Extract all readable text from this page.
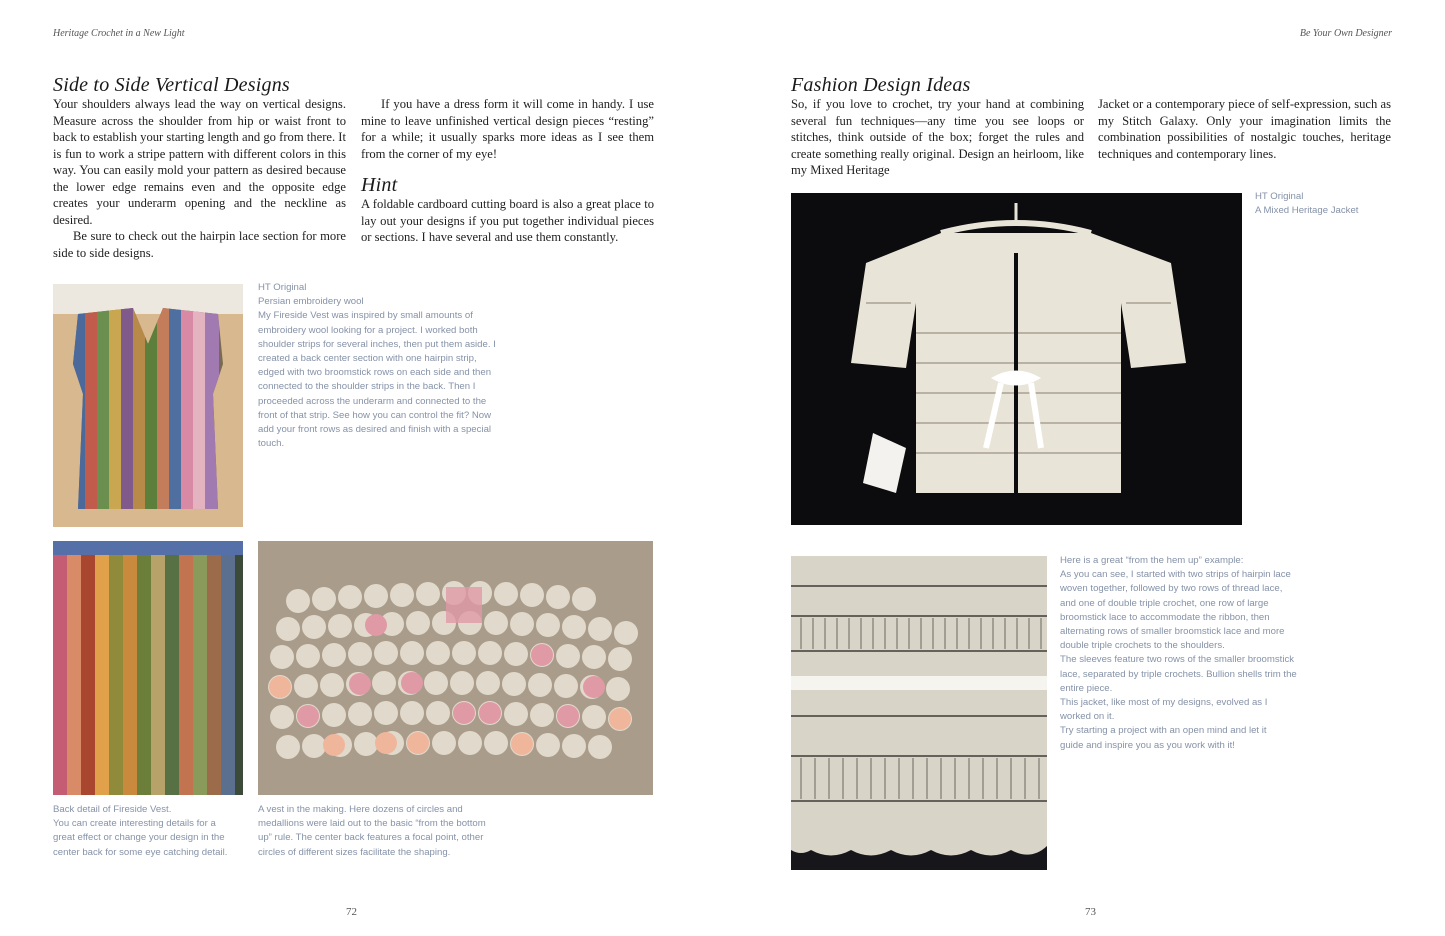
Heritage Crochet in a New Light
Side to Side Vertical Designs

Your shoulders always lead the way on vertical designs. Measure across the shoulder from hip or waist front to back to establish your starting length and go from there. It is fun to work a stripe pattern with different colors in this way. You can easily mold your pattern as desired because the lower edge remains even and the opposite edge creates your underarm opening and the neckline as desired.

Be sure to check out the hairpin lace section for more side to side designs.

If you have a dress form it will come in handy. I use mine to leave unfinished vertical design pieces “resting” for a while; it usually sparks more ideas as I see them from the corner of my eye!

Hint

A foldable cardboard cutting board is also a great place to lay out your designs if you put together individual pieces or sections. I have several and use them constantly.

HT Original
Persian embroidery wool
My Fireside Vest was inspired by small amounts of
embroidery wool looking for a project. I worked both
shoulder strips for several inches, then put them aside. I
created a back center section with one hairpin strip,
edged with two broomstick rows on each side and then
connected to the shoulder strips in the back. Then I
proceeded across the underarm and connected to the
front of that strip. See how you can control the fit? Now
add your front rows as desired and finish with a special
touch.
Back detail of Fireside Vest.
You can create interesting details for a
great effect or change your design in the
center back for some eye catching detail.
A vest in the making. Here dozens of circles and
medallions were laid out to the basic “from the bottom
up” rule. The center back features a focal point, other
circles of different sizes facilitate the shaping.
72
Be Your Own Designer
Fashion Design Ideas

So, if you love to crochet, try your hand at combining several fun techniques—any time you see loops or stitches, think outside of the box; forget the rules and create something really original. Design an heirloom, like my Mixed Heritage

Jacket or a contemporary piece of self-expression, such as my Stitch Galaxy. Only your imagination limits the combination possibilities of nostalgic touches, heritage techniques and contemporary lines.

HT Original
A Mixed Heritage Jacket
Here is a great “from the hem up” example:
As you can see, I started with two strips of hairpin lace
woven together, followed by two rows of thread lace,
and one of double triple crochet, one row of large
broomstick lace to accommodate the ribbon, then
alternating rows of smaller broomstick lace and more
double triple crochets to the shoulders.
The sleeves feature two rows of the smaller broomstick
lace, separated by triple crochets. Bullion shells trim the
entire piece.
This jacket, like most of my designs, evolved as I
worked on it.
Try starting a project with an open mind and let it
guide and inspire you as you work with it!
73
